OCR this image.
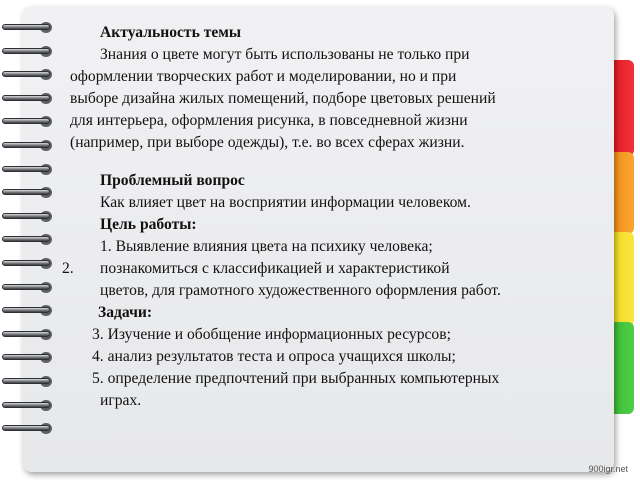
Актуальность темы
Знания о цвете могут быть использованы не только при
оформлении творческих работ и моделировании, но и при
выборе дизайна жилых помещений, подборе цветовых решений
для интерьера, оформления рисунка, в повседневной жизни
(например, при выборе одежды), т.е. во всех сферах жизни.
Проблемный вопрос
Как влияет цвет на восприятии информации человеком.
Цель работы:
1. Выявление влияния цвета на психику человека;
2. познакомиться с классификацией и характеристикой
цветов, для грамотного художественного оформления работ.
Задачи:
3. Изучение и обобщение информационных ресурсов;
4. анализ результатов теста и опроса учащихся школы;
5. определение предпочтений при выбранных компьютерных
играх.
900igr.net
